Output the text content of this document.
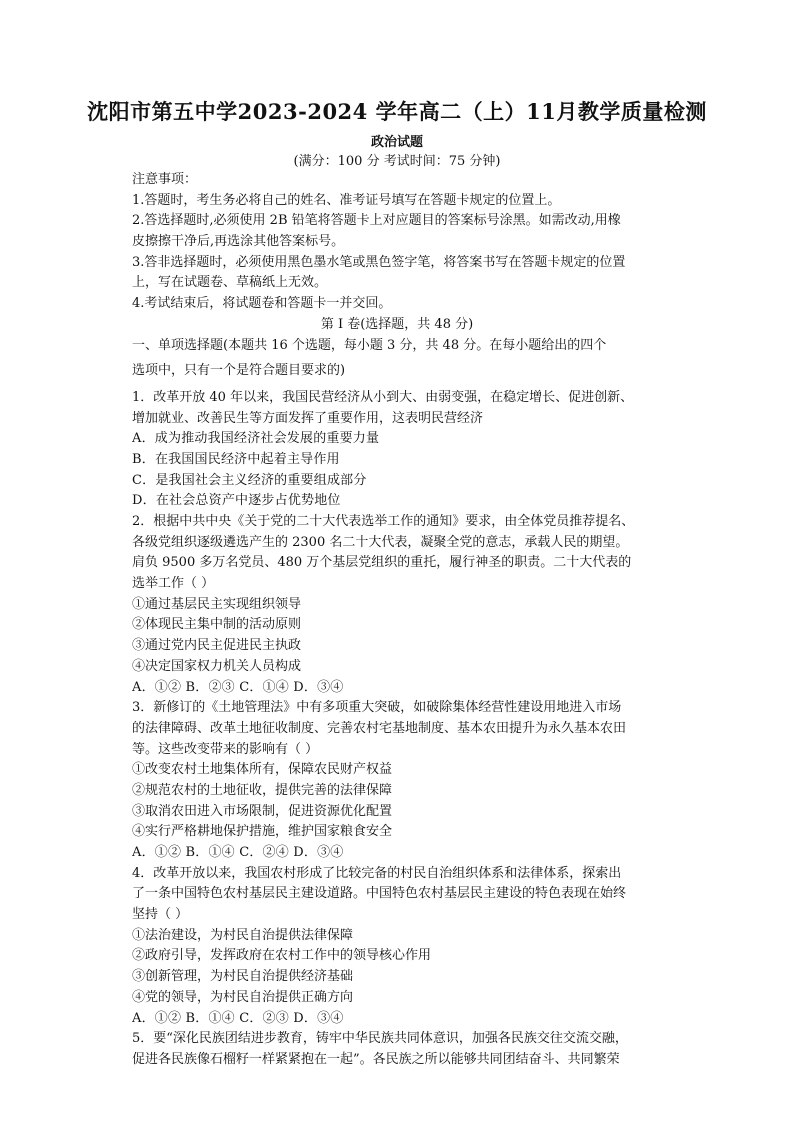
沈阳市第五中学2023-2024 学年高二（上）11月教学质量检测
政治试题
(满分：100 分 考试时间：75 分钟)
注意事项：
1.答题时，考生务必将自己的姓名、准考证号填写在答题卡规定的位置上。
2.答选择题时,必须使用 2B 铅笔将答题卡上对应题目的答案标号涂黑。如需改动,用橡
皮擦擦干净后,再选涂其他答案标号。
3.答非选择题时，必须使用黑色墨水笔或黑色签字笔，将答案书写在答题卡规定的位置
上，写在试题卷、草稿纸上无效。
4.考试结束后，将试题卷和答题卡一并交回。
第 Ⅰ 卷(选择题，共 48 分)
一、单项选择题(本题共 16 个选题，每小题 3 分，共 48 分。在每小题给出的四个
选项中，只有一个是符合题目要求的)
1．改革开放 40 年以来，我国民营经济从小到大、由弱变强，在稳定增长、促进创新、
增加就业、改善民生等方面发挥了重要作用，这表明民营经济
A．成为推动我国经济社会发展的重要力量
B．在我国国民经济中起着主导作用
C．是我国社会主义经济的重要组成部分
D．在社会总资产中逐步占优势地位
2．根据中共中央《关于党的二十大代表选举工作的通知》要求，由全体党员推荐提名、
各级党组织逐级遴选产生的 2300 名二十大代表，凝聚全党的意志，承载人民的期望。
肩负 9500 多万名党员、480 万个基层党组织的重托，履行神圣的职责。二十大代表的
选举工作（ ）
①通过基层民主实现组织领导
②体现民主集中制的活动原则
③通过党内民主促进民主执政
④决定国家权力机关人员构成
A．①② B．②③ C．①④ D．③④
3．新修订的《土地管理法》中有多项重大突破，如破除集体经营性建设用地进入市场
的法律障碍、改革土地征收制度、完善农村宅基地制度、基本农田提升为永久基本农田
等。这些改变带来的影响有（ ）
①改变农村土地集体所有，保障农民财产权益
②规范农村的土地征收，提供完善的法律保障
③取消农田进入市场限制，促进资源优化配置
④实行严格耕地保护措施，维护国家粮食安全
A．①② B．①④ C．②④ D．③④
4．改革开放以来，我国农村形成了比较完备的村民自治组织体系和法律体系，探索出
了一条中国特色农村基层民主建设道路。中国特色农村基层民主建设的特色表现在始终
坚持（ ）
①法治建设，为村民自治提供法律保障
②政府引导，发挥政府在农村工作中的领导核心作用
③创新管理，为村民自治提供经济基础
④党的领导，为村民自治提供正确方向
A．①② B．①④ C．②③ D．③④
5．要“深化民族团结进步教育，铸牢中华民族共同体意识，加强各民族交往交流交融，
促进各民族像石榴籽一样紧紧抱在一起”。各民族之所以能够共同团结奋斗、共同繁荣
